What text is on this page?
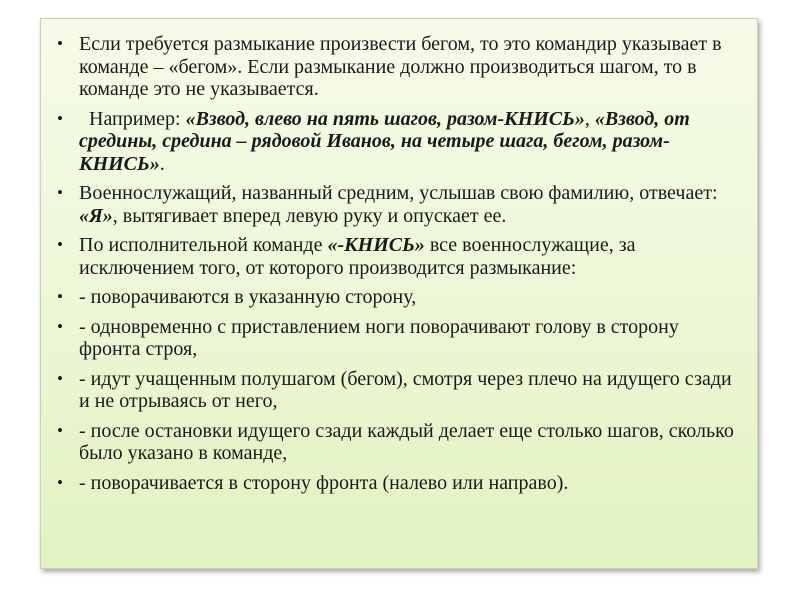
• Если требуется размыкание произвести бегом, то это командир указывает в команде – «бегом». Если размыкание должно производиться шагом, то в команде это не указывается.
• Например: «Взвод, влево на пять шагов, разом-КНИСЬ», «Взвод, от средины, средина – рядовой Иванов, на четыре шага, бегом, разом-КНИСЬ».
• Военнослужащий, названный средним, услышав свою фамилию, отвечает: «Я», вытягивает вперед левую руку и опускает ее.
• По исполнительной команде «-КНИСЬ» все военнослужащие, за исключением того, от которого производится размыкание:
• - поворачиваются в указанную сторону,
• - одновременно с приставлением ноги поворачивают голову в сторону фронта строя,
• - идут учащенным полушагом (бегом), смотря через плечо на идущего сзади и не отрываясь от него,
• - после остановки идущего сзади каждый делает еще столько шагов, сколько было указано в команде,
• - поворачивается в сторону фронта (налево или направо).
